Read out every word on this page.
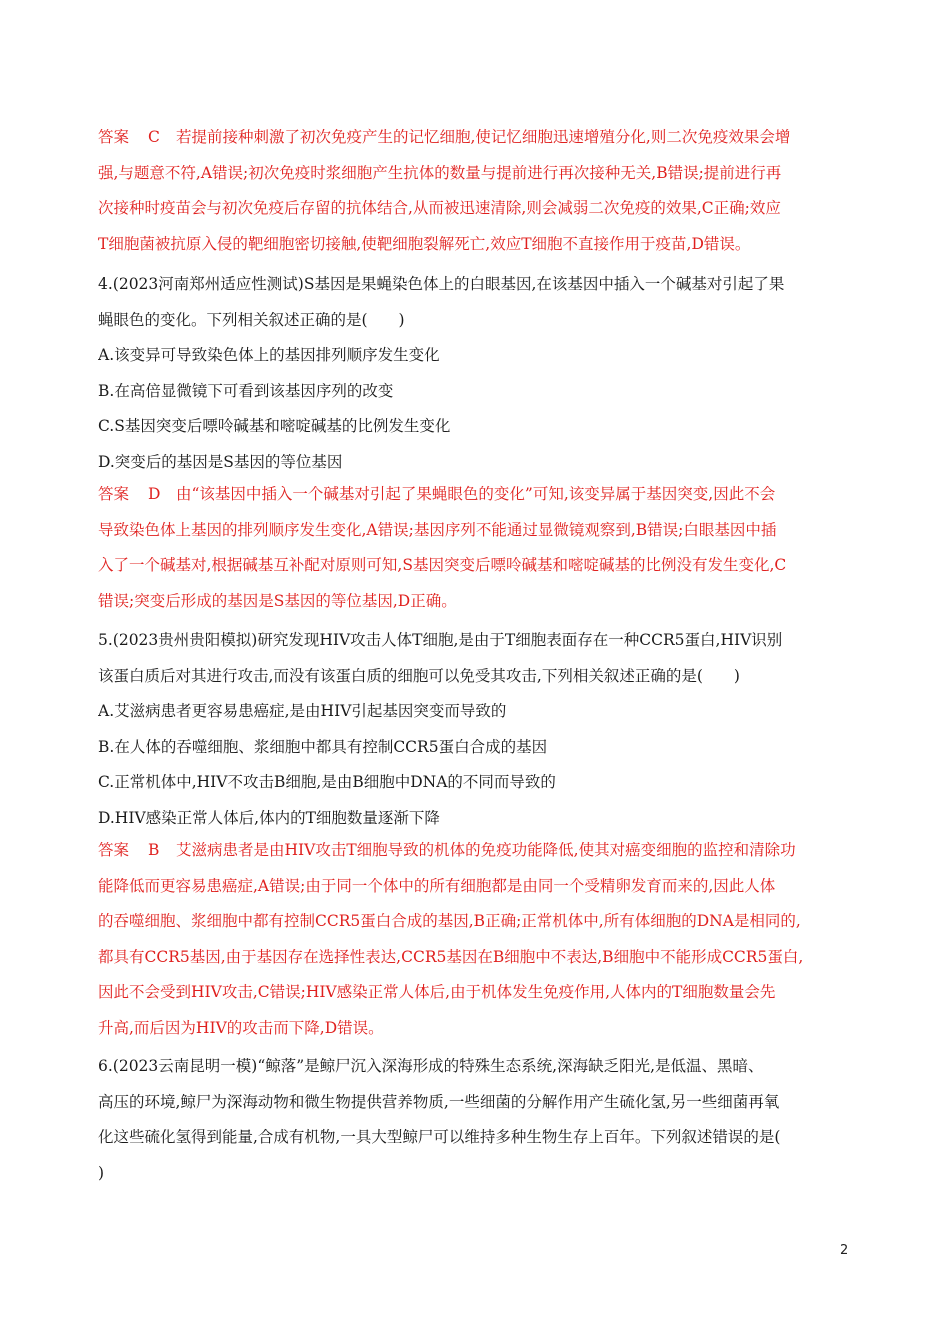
答案 C 若提前接种刺激了初次免疫产生的记忆细胞,使记忆细胞迅速增殖分化,则二次免疫效果会增
强,与题意不符,A错误;初次免疫时浆细胞产生抗体的数量与提前进行再次接种无关,B错误;提前进行再
次接种时疫苗会与初次免疫后存留的抗体结合,从而被迅速清除,则会减弱二次免疫的效果,C正确;效应
T细胞菌被抗原入侵的靶细胞密切接触,使靶细胞裂解死亡,效应T细胞不直接作用于疫苗,D错误。
4.(2023河南郑州适应性测试)S基因是果蝇染色体上的白眼基因,在该基因中插入一个碱基对引起了果
蝇眼色的变化。下列相关叙述正确的是(　　)
A.该变异可导致染色体上的基因排列顺序发生变化
B.在高倍显微镜下可看到该基因序列的改变
C.S基因突变后嘌呤碱基和嘧啶碱基的比例发生变化
D.突变后的基因是S基因的等位基因
答案 D 由“该基因中插入一个碱基对引起了果蝇眼色的变化”可知,该变异属于基因突变,因此不会
导致染色体上基因的排列顺序发生变化,A错误;基因序列不能通过显微镜观察到,B错误;白眼基因中插
入了一个碱基对,根据碱基互补配对原则可知,S基因突变后嘌呤碱基和嘧啶碱基的比例没有发生变化,C
错误;突变后形成的基因是S基因的等位基因,D正确。
5.(2023贵州贵阳模拟)研究发现HIV攻击人体T细胞,是由于T细胞表面存在一种CCR5蛋白,HIV识别
该蛋白质后对其进行攻击,而没有该蛋白质的细胞可以免受其攻击,下列相关叙述正确的是(　　)
A.艾滋病患者更容易患癌症,是由HIV引起基因突变而导致的
B.在人体的吞噬细胞、浆细胞中都具有控制CCR5蛋白合成的基因
C.正常机体中,HIV不攻击B细胞,是由B细胞中DNA的不同而导致的
D.HIV感染正常人体后,体内的T细胞数量逐渐下降
答案 B 艾滋病患者是由HIV攻击T细胞导致的机体的免疫功能降低,使其对癌变细胞的监控和清除功
能降低而更容易患癌症,A错误;由于同一个体中的所有细胞都是由同一个受精卵发育而来的,因此人体
的吞噬细胞、浆细胞中都有控制CCR5蛋白合成的基因,B正确;正常机体中,所有体细胞的DNA是相同的,
都具有CCR5基因,由于基因存在选择性表达,CCR5基因在B细胞中不表达,B细胞中不能形成CCR5蛋白,
因此不会受到HIV攻击,C错误;HIV感染正常人体后,由于机体发生免疫作用,人体内的T细胞数量会先
升高,而后因为HIV的攻击而下降,D错误。
6.(2023云南昆明一模)“鲸落”是鲸尸沉入深海形成的特殊生态系统,深海缺乏阳光,是低温、黑暗、
高压的环境,鲸尸为深海动物和微生物提供营养物质,一些细菌的分解作用产生硫化氢,另一些细菌再氧
化这些硫化氢得到能量,合成有机物,一具大型鲸尸可以维持多种生物生存上百年。下列叙述错误的是(
)
2
